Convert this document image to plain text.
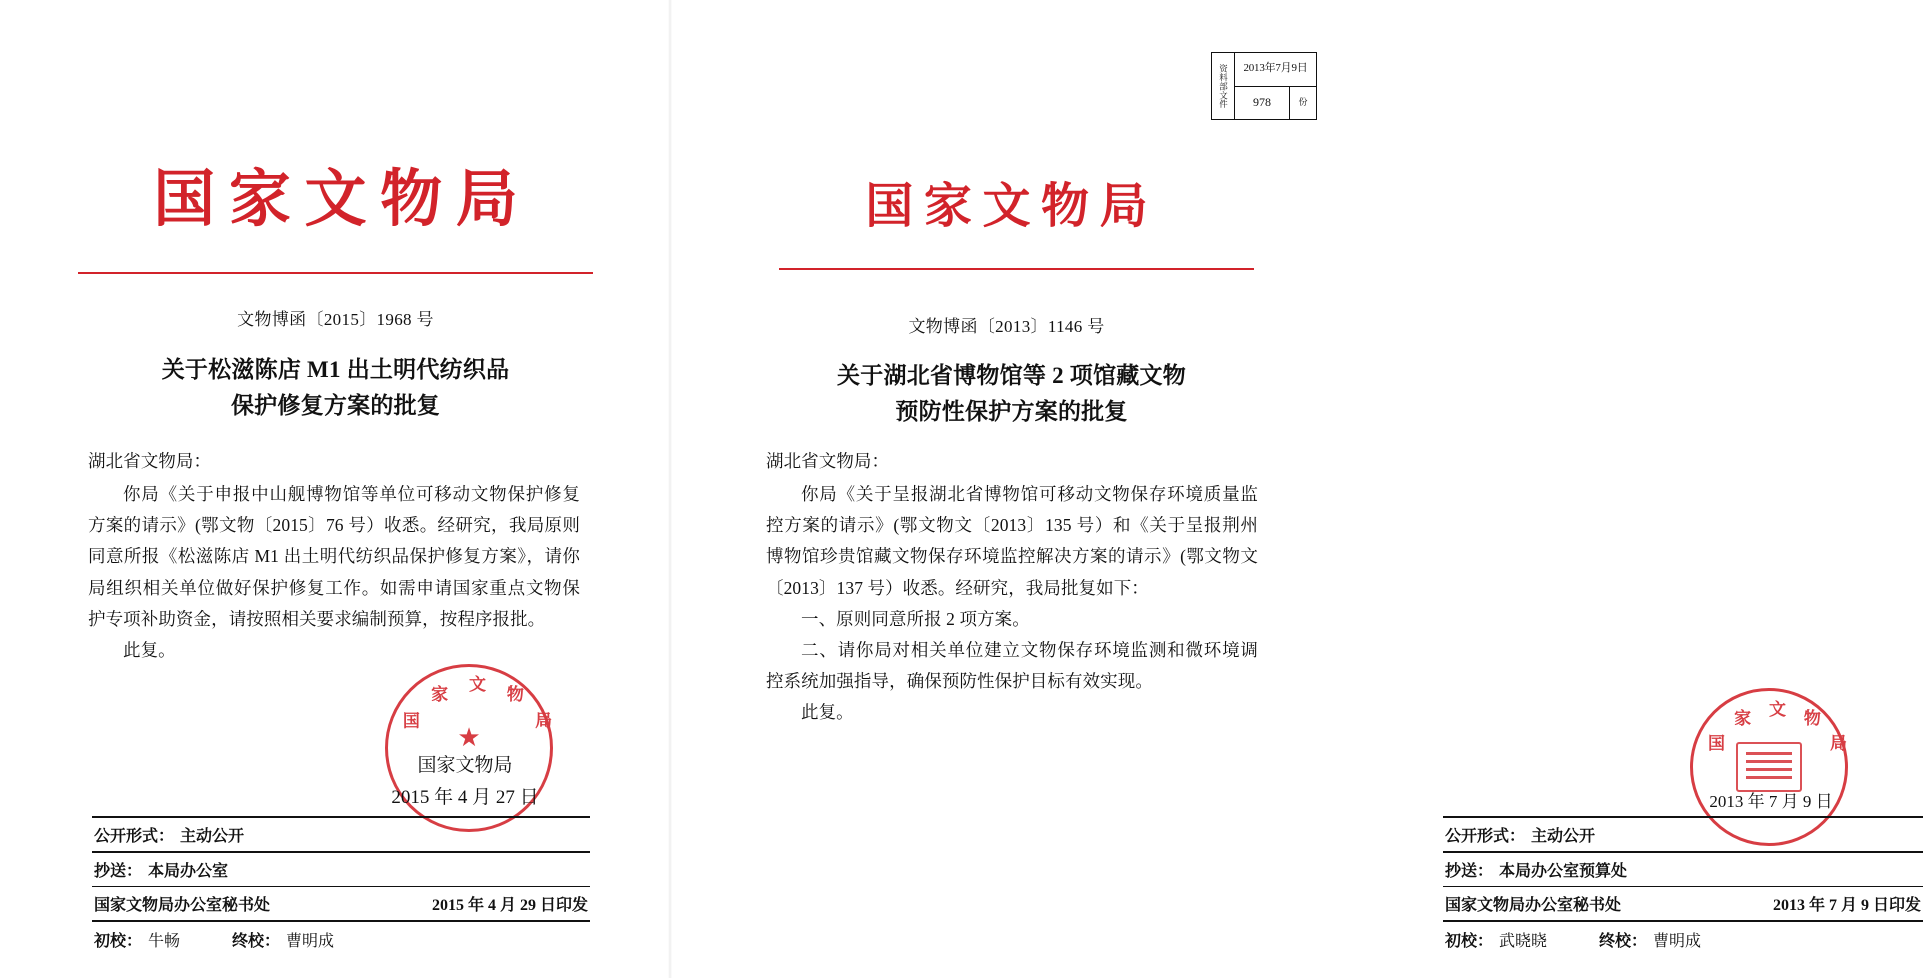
国家文物局
文物博函〔2015〕1968 号
关于松滋陈店 M1 出土明代纺织品
保护修复方案的批复

湖北省文物局：

你局《关于申报中山舰博物馆等单位可移动文物保护修复方案的请示》(鄂文物〔2015〕76 号）收悉。经研究，我局原则同意所报《松滋陈店 M1 出土明代纺织品保护修复方案》，请你局组织相关单位做好保护修复工作。如需申请国家重点文物保护专项补助资金，请按照相关要求编制预算，按程序报批。

此复。

国
家
文
物
局
★
国家文物局
2015 年 4 月 27 日
公开形式： 主动公开
抄送： 本局办公室
国家文物局办公室秘书处	2015 年 4 月 29 日印发
初校： 牛畅	终校： 曹明成
国家文物局
文物博函〔2013〕1146 号
关于湖北省博物馆等 2 项馆藏文物
预防性保护方案的批复

湖北省文物局：

你局《关于呈报湖北省博物馆可移动文物保存环境质量监控方案的请示》(鄂文物文〔2013〕135 号）和《关于呈报荆州博物馆珍贵馆藏文物保存环境监控解决方案的请示》(鄂文物文〔2013〕137 号）收悉。经研究，我局批复如下：

一、原则同意所报 2 项方案。

二、请你局对相关单位建立文物保存环境监测和微环境调控系统加强指导，确保预防性保护目标有效实现。

此复。

国
家 文 物
局
2013 年 7 月 9 日
公开形式： 主动公开
抄送： 本局办公室预算处
国家文物局办公室秘书处	2013 年 7 月 9 日印发
初校： 武晓晓	终校： 曹明成
资料部文件	2013年7月9日
978	份
